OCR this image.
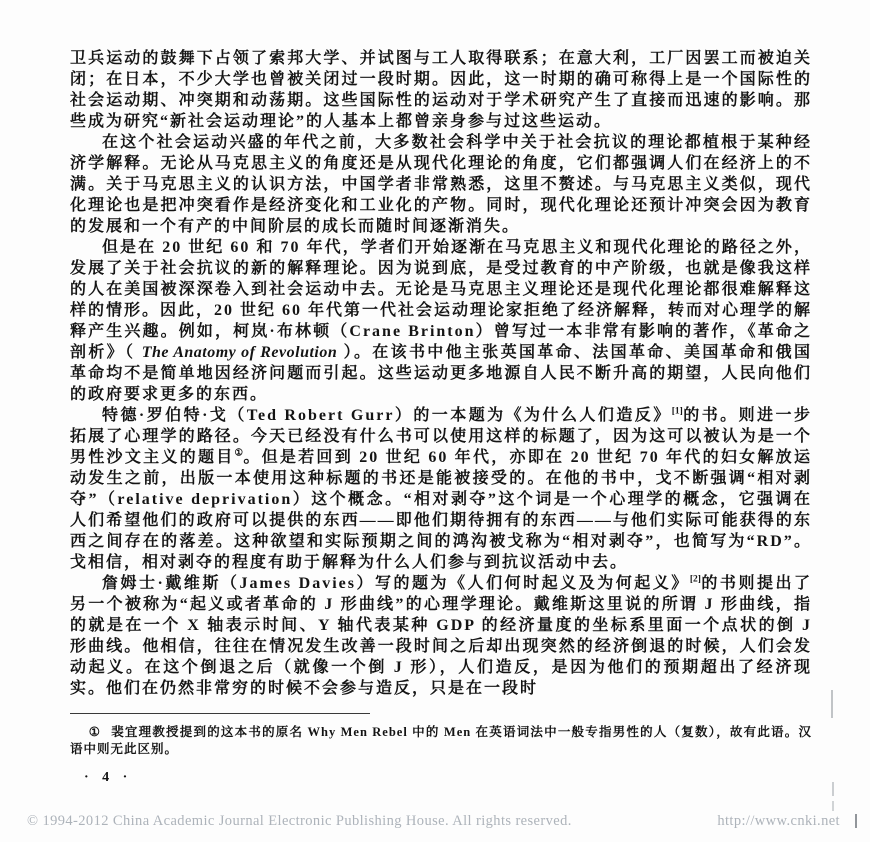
卫兵运动的鼓舞下占领了索邦大学、并试图与工人取得联系；在意大利，工厂因罢工而被迫关闭；在日本，不少大学也曾被关闭过一段时期。因此，这一时期的确可称得上是一个国际性的社会运动期、冲突期和动荡期。这些国际性的运动对于学术研究产生了直接而迅速的影响。那些成为研究“新社会运动理论”的人基本上都曾亲身参与过这些运动。

在这个社会运动兴盛的年代之前，大多数社会科学中关于社会抗议的理论都植根于某种经济学解释。无论从马克思主义的角度还是从现代化理论的角度，它们都强调人们在经济上的不满。关于马克思主义的认识方法，中国学者非常熟悉，这里不赘述。与马克思主义类似，现代化理论也是把冲突看作是经济变化和工业化的产物。同时，现代化理论还预计冲突会因为教育的发展和一个有产的中间阶层的成长而随时间逐渐消失。

但是在 20 世纪 60 和 70 年代，学者们开始逐渐在马克思主义和现代化理论的路径之外，发展了关于社会抗议的新的解释理论。因为说到底，是受过教育的中产阶级，也就是像我这样的人在美国被深深卷入到社会运动中去。无论是马克思主义理论还是现代化理论都很难解释这样的情形。因此，20 世纪 60 年代第一代社会运动理论家拒绝了经济解释，转而对心理学的解释产生兴趣。例如，柯岚·布林顿（Crane Brinton）曾写过一本非常有影响的著作，《革命之剖析》（ The Anatomy of Revolution ）。在该书中他主张英国革命、法国革命、美国革命和俄国革命均不是简单地因经济问题而引起。这些运动更多地源自人民不断升高的期望，人民向他们的政府要求更多的东西。

特德·罗伯特·戈（Ted Robert Gurr）的一本题为《为什么人们造反》[1]的书。则进一步拓展了心理学的路径。今天已经没有什么书可以使用这样的标题了，因为这可以被认为是一个男性沙文主义的题目①。但是若回到 20 世纪 60 年代，亦即在 20 世纪 70 年代的妇女解放运动发生之前，出版一本使用这种标题的书还是能被接受的。在他的书中，戈不断强调“相对剥夺”（relative deprivation）这个概念。“相对剥夺”这个词是一个心理学的概念，它强调在人们希望他们的政府可以提供的东西——即他们期待拥有的东西——与他们实际可能获得的东西之间存在的落差。这种欲望和实际预期之间的鸿沟被戈称为“相对剥夺”，也简写为“RD”。戈相信，相对剥夺的程度有助于解释为什么人们参与到抗议活动中去。

詹姆士·戴维斯（James Davies）写的题为《人们何时起义及为何起义》[2]的书则提出了另一个被称为“起义或者革命的 J 形曲线”的心理学理论。戴维斯这里说的所谓 J 形曲线，指的就是在一个 X 轴表示时间、Y 轴代表某种 GDP 的经济量度的坐标系里面一个点状的倒 J 形曲线。他相信，往往在情况发生改善一段时间之后却出现突然的经济倒退的时候，人们会发动起义。在这个倒退之后（就像一个倒 J 形），人们造反，是因为他们的预期超出了经济现实。他们在仍然非常穷的时候不会参与造反，只是在一段时

① 裴宜理教授提到的这本书的原名 Why Men Rebel 中的 Men 在英语词法中一般专指男性的人（复数），故有此语。汉语中则无此区别。

· 4 ·
© 1994-2012 China Academic Journal Electronic Publishing House. All rights reserved.	http://www.cnki.net
